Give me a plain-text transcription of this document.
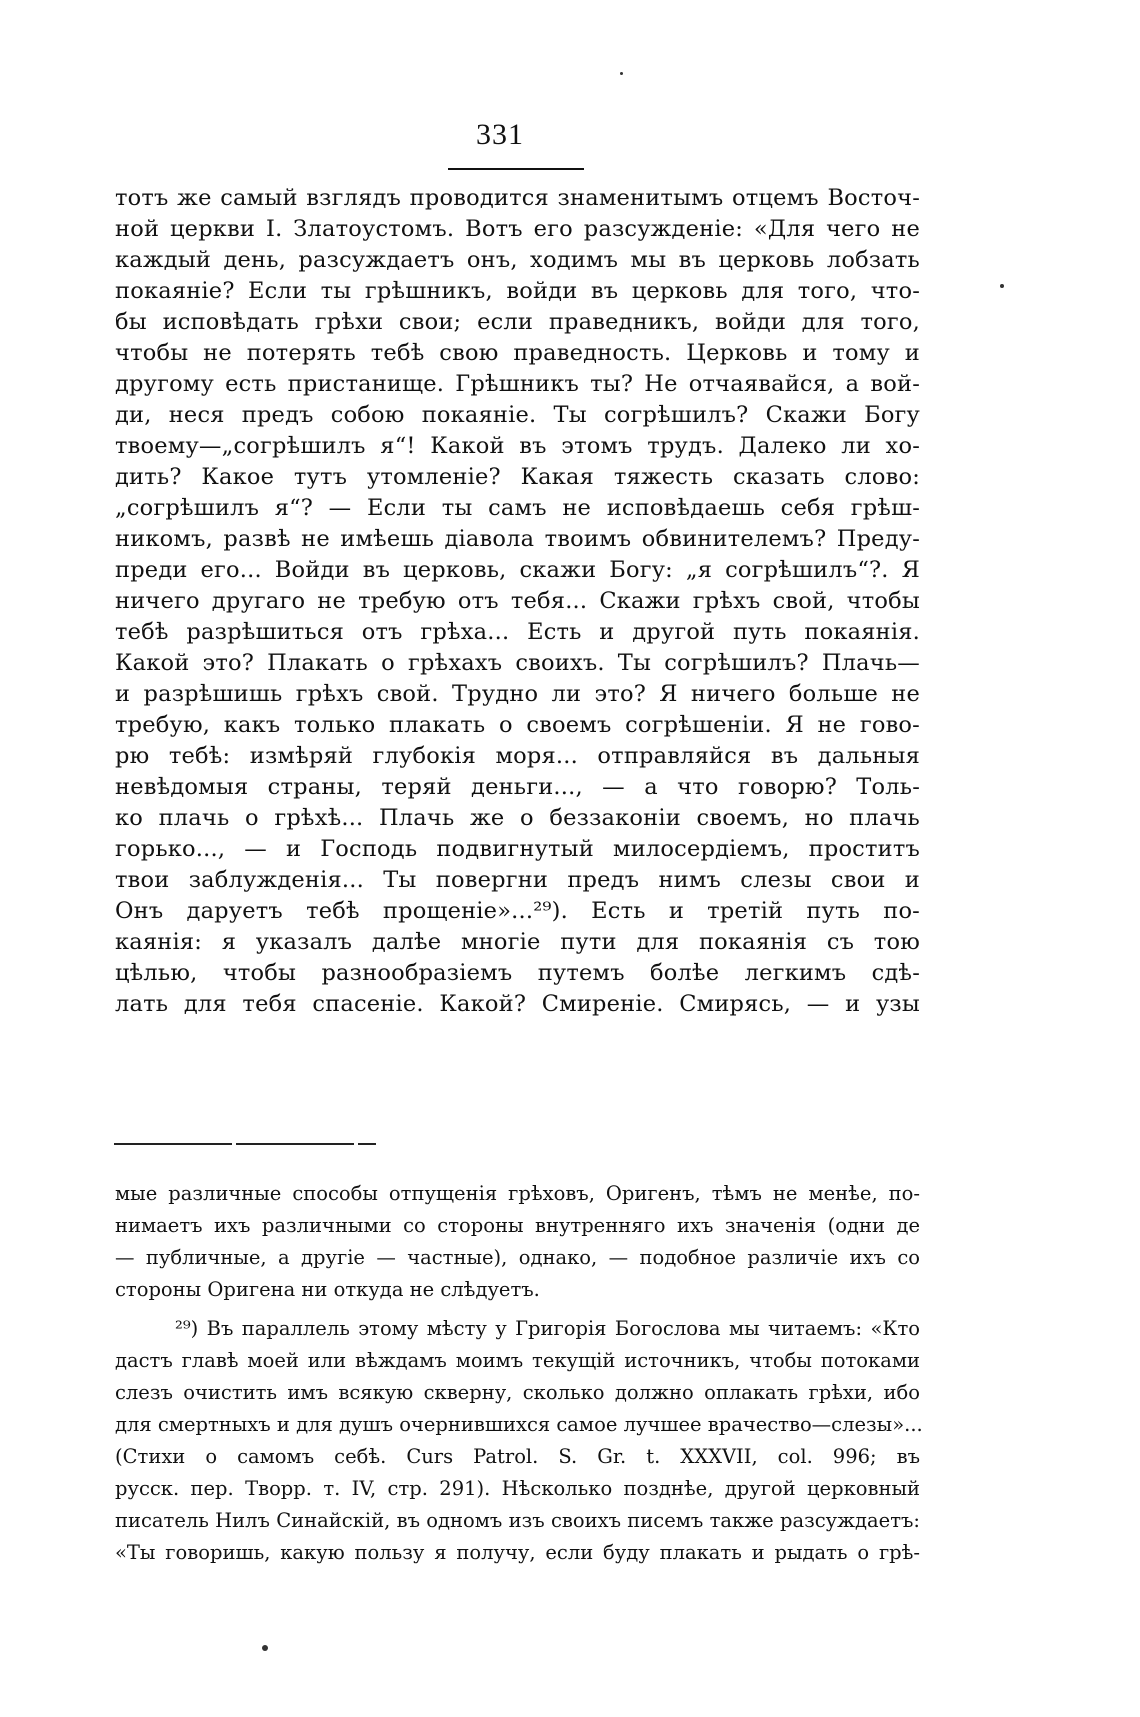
331
тотъ же самый взглядъ проводится знаменитымъ отцемъ Восточ-
ной церкви І. Златоустомъ. Вотъ его разсужденіе: «Для чего не
каждый день, разсуждаетъ онъ, ходимъ мы въ церковь лобзать
покаяніе? Если ты грѣшникъ, войди въ церковь для того, что-
бы исповѣдать грѣхи свои; если праведникъ, войди для того,
чтобы не потерять тебѣ свою праведность. Церковь и тому и
другому есть пристанище. Грѣшникъ ты? Не отчаявайся, а вой-
ди, неся предъ собою покаяніе. Ты согрѣшилъ? Скажи Богу
твоему—„согрѣшилъ я“! Какой въ этомъ трудъ. Далеко ли хо-
дить? Какое тутъ утомленіе? Какая тяжесть сказать слово:
„согрѣшилъ я“? — Если ты самъ не исповѣдаешь себя грѣш-
никомъ, развѣ не имѣешь діавола твоимъ обвинителемъ? Преду-
преди его... Войди въ церковь, скажи Богу: „я согрѣшилъ“?. Я
ничего другаго не требую отъ тебя... Скажи грѣхъ свой, чтобы
тебѣ разрѣшиться отъ грѣха... Есть и другой путь покаянія.
Какой это? Плакать о грѣхахъ своихъ. Ты согрѣшилъ? Плачь—
и разрѣшишь грѣхъ свой. Трудно ли это? Я ничего больше не
требую, какъ только плакать о своемъ согрѣшеніи. Я не гово-
рю тебѣ: измѣряй глубокія моря... отправляйся въ дальныя
невѣдомыя страны, теряй деньги..., — а что говорю? Толь-
ко плачь о грѣхѣ... Плачь же о беззаконіи своемъ, но плачь
горько..., — и Господь подвигнутый милосердіемъ, проститъ
твои заблужденія... Ты повергни предъ нимъ слезы свои и
Онъ даруетъ тебѣ прощеніе»...²⁹). Есть и третій путь по-
каянія: я указалъ далѣе многіе пути для покаянія съ тою
цѣлью, чтобы разнообразіемъ путемъ болѣе легкимъ сдѣ-
лать для тебя спасеніе. Какой? Смиреніе. Смирясь, — и узы
мые различные способы отпущенія грѣховъ, Оригенъ, тѣмъ не менѣе, по-
нимаетъ ихъ различными со стороны внутренняго ихъ значенія (одни де
— публичные, а другіе — частные), однако, — подобное различіе ихъ со
стороны Оригена ни откуда не слѣдуетъ.
²⁹) Въ параллель этому мѣсту у Григорія Богослова мы читаемъ: «Кто
дастъ главѣ моей или вѣждамъ моимъ текущій источникъ, чтобы потоками
слезъ очистить имъ всякую скверну, сколько должно оплакать грѣхи, ибо
для смертныхъ и для душъ очернившихся самое лучшее врачество—слезы»...
(Стихи о самомъ себѣ. Curs Patrol. S. Gr. t. XXXVII, col. 996; въ
русск. пер. Творр. т. IV, стр. 291). Нѣсколько позднѣе, другой церковный
писатель Нилъ Синайскій, въ одномъ изъ своихъ писемъ также разсуждаетъ:
«Ты говоришь, какую пользу я получу, если буду плакать и рыдать о грѣ-
